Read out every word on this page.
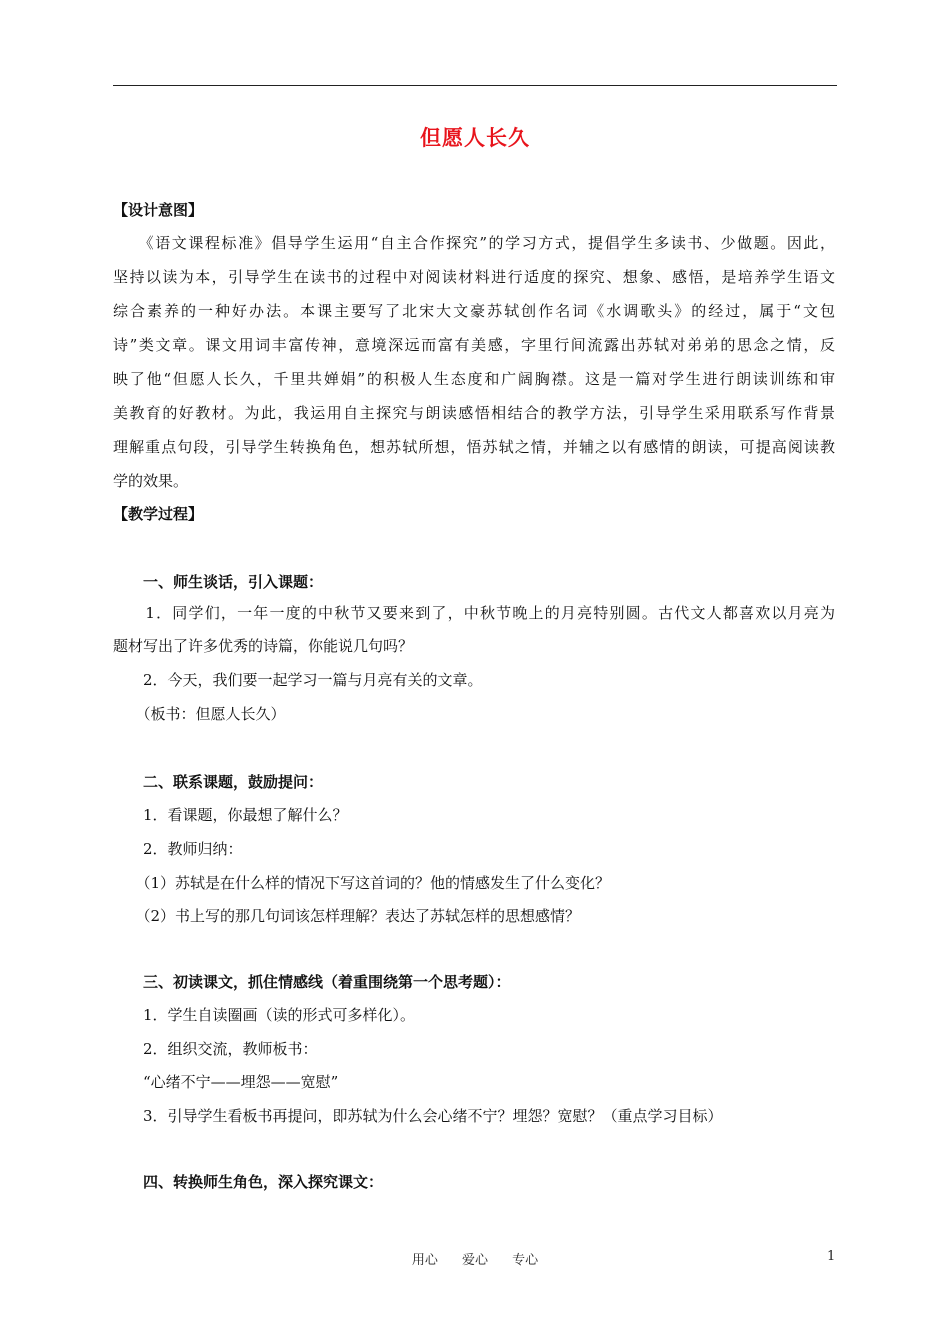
但愿人长久
【设计意图】
　　《语文课程标准》倡导学生运用“自主合作探究”的学习方式，提倡学生多读书、少做题。因此，
坚持以读为本，引导学生在读书的过程中对阅读材料进行适度的探究、想象、感悟，是培养学生语文
综合素养的一种好办法。本课主要写了北宋大文豪苏轼创作名词《水调歌头》的经过，属于“文包
诗”类文章。课文用词丰富传神，意境深远而富有美感，字里行间流露出苏轼对弟弟的思念之情，反
映了他“但愿人长久，千里共婵娟”的积极人生态度和广阔胸襟。这是一篇对学生进行朗读训练和审
美教育的好教材。为此，我运用自主探究与朗读感悟相结合的教学方法，引导学生采用联系写作背景
理解重点句段，引导学生转换角色，想苏轼所想，悟苏轼之情，并辅之以有感情的朗读，可提高阅读教
学的效果。
【教学过程】
　　一、师生谈话，引入课题：
　　1．同学们，一年一度的中秋节又要来到了，中秋节晚上的月亮特别圆。古代文人都喜欢以月亮为
题材写出了许多优秀的诗篇，你能说几句吗？
　　2．今天，我们要一起学习一篇与月亮有关的文章。
　　（板书：但愿人长久）
　　二、联系课题，鼓励提问：
　　1．看课题，你最想了解什么？
　　2．教师归纳：
　　（1）苏轼是在什么样的情况下写这首词的？他的情感发生了什么变化？
　　（2）书上写的那几句词该怎样理解？表达了苏轼怎样的思想感情？
　　三、初读课文，抓住情感线（着重围绕第一个思考题）：
　　1．学生自读圈画（读的形式可多样化）。
　　2．组织交流，教师板书：
　　“心绪不宁——埋怨——宽慰”
　　3．引导学生看板书再提问，即苏轼为什么会心绪不宁？埋怨？宽慰？（重点学习目标）
　　四、转换师生角色，深入探究课文：
用心 爱心 专心	1
